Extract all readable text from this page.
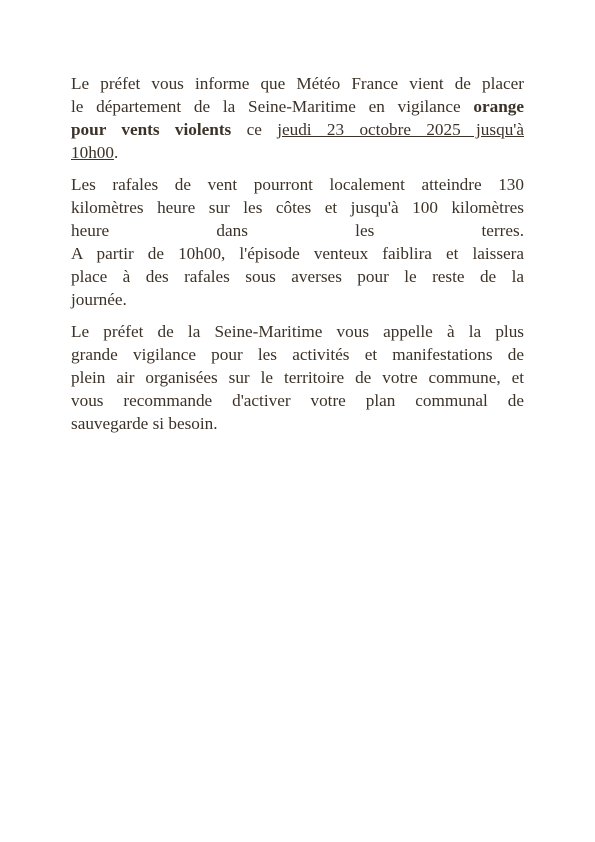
Le préfet vous informe que Météo France vient de placer
le département de la Seine-Maritime en vigilance orange
pour vents violents ce jeudi 23 octobre 2025 jusqu'à
10h00.
Les rafales de vent pourront localement atteindre 130
kilomètres heure sur les côtes et jusqu'à 100 kilomètres
heure dans les terres.
A partir de 10h00, l'épisode venteux faiblira et laissera
place à des rafales sous averses pour le reste de la
journée.
Le préfet de la Seine-Maritime vous appelle à la plus
grande vigilance pour les activités et manifestations de
plein air organisées sur le territoire de votre commune, et
vous recommande d'activer votre plan communal de
sauvegarde si besoin.
